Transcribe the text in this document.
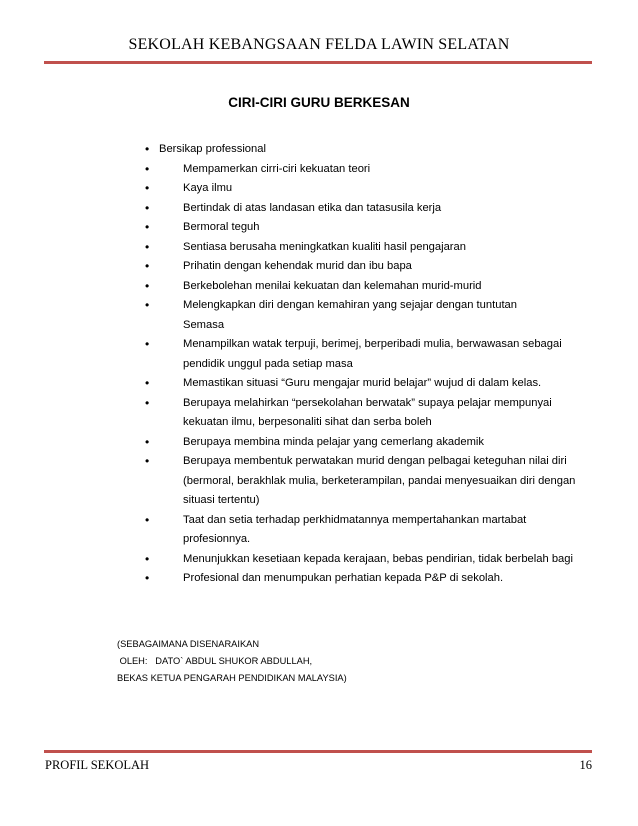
SEKOLAH KEBANGSAAN FELDA LAWIN SELATAN
CIRI-CIRI GURU BERKESAN
• Bersikap professional
•	Mempamerkan cirri-ciri kekuatan teori
•	Kaya ilmu
•	Bertindak di atas landasan etika dan tatasusila kerja
•	Bermoral teguh
•	Sentiasa berusaha meningkatkan kualiti hasil pengajaran
•	Prihatin dengan kehendak murid dan ibu bapa
•	Berkebolehan menilai kekuatan dan kelemahan murid-murid
•	Melengkapkan diri dengan kemahiran yang sejajar dengan tuntutan
Semasa
•	Menampilkan watak terpuji, berimej, berperibadi mulia, berwawasan sebagai
pendidik unggul pada setiap masa
•	Memastikan situasi “Guru mengajar murid belajar” wujud di dalam kelas.
•	Berupaya melahirkan “persekolahan berwatak” supaya pelajar mempunyai
kekuatan ilmu, berpesonaliti sihat dan serba boleh
•	Berupaya membina minda pelajar yang cemerlang akademik
•	Berupaya membentuk perwatakan murid dengan pelbagai keteguhan nilai diri
(bermoral, berakhlak mulia, berketerampilan, pandai menyesuaikan diri dengan
situasi tertentu)
•	Taat dan setia terhadap perkhidmatannya mempertahankan martabat
profesionnya.
•	Menunjukkan kesetiaan kepada kerajaan, bebas pendirian, tidak berbelah bagi
•	Profesional dan menumpukan perhatian kepada P&P di sekolah.
(SEBAGAIMANA DISENARAIKAN
OLEH:   DATO` ABDUL SHUKOR ABDULLAH,
BEKAS KETUA PENGARAH PENDIDIKAN MALAYSIA)
PROFIL SEKOLAH	16
